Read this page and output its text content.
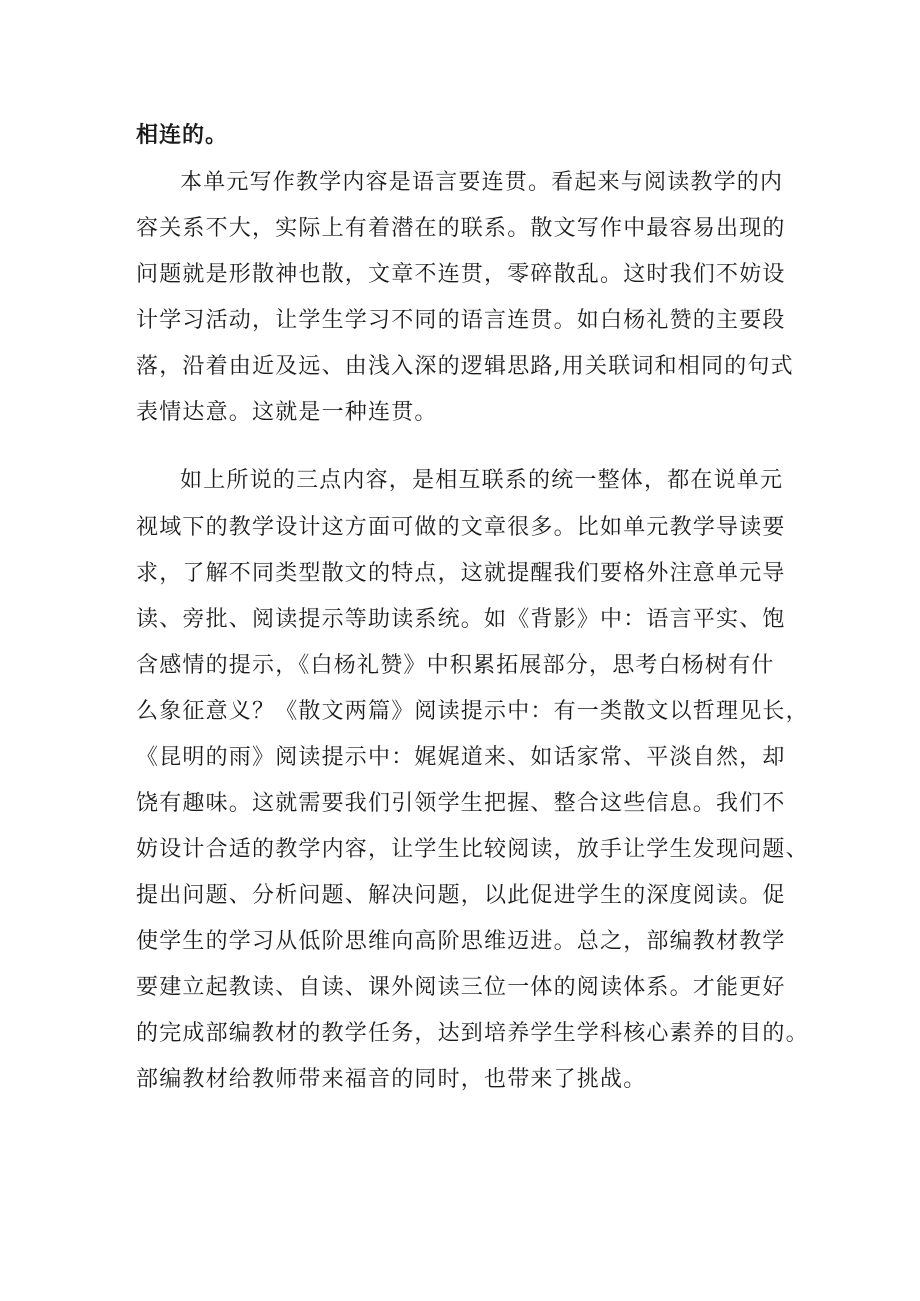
相连的。
本单元写作教学内容是语言要连贯。看起来与阅读教学的内
容关系不大，实际上有着潜在的联系。散文写作中最容易出现的
问题就是形散神也散，文章不连贯，零碎散乱。这时我们不妨设
计学习活动，让学生学习不同的语言连贯。如白杨礼赞的主要段
落，沿着由近及远、由浅入深的逻辑思路,用关联词和相同的句式
表情达意。这就是一种连贯。
如上所说的三点内容，是相互联系的统一整体，都在说单元
视域下的教学设计这方面可做的文章很多。比如单元教学导读要
求，了解不同类型散文的特点，这就提醒我们要格外注意单元导
读、旁批、阅读提示等助读系统。如《背影》中：语言平实、饱
含感情的提示，《白杨礼赞》中积累拓展部分，思考白杨树有什
么象征意义？《散文两篇》阅读提示中：有一类散文以哲理见长，
《昆明的雨》阅读提示中：娓娓道来、如话家常、平淡自然，却
饶有趣味。这就需要我们引领学生把握、整合这些信息。我们不
妨设计合适的教学内容，让学生比较阅读，放手让学生发现问题、
提出问题、分析问题、解决问题，以此促进学生的深度阅读。促
使学生的学习从低阶思维向高阶思维迈进。总之，部编教材教学
要建立起教读、自读、课外阅读三位一体的阅读体系。才能更好
的完成部编教材的教学任务，达到培养学生学科核心素养的目的。
部编教材给教师带来福音的同时，也带来了挑战。
